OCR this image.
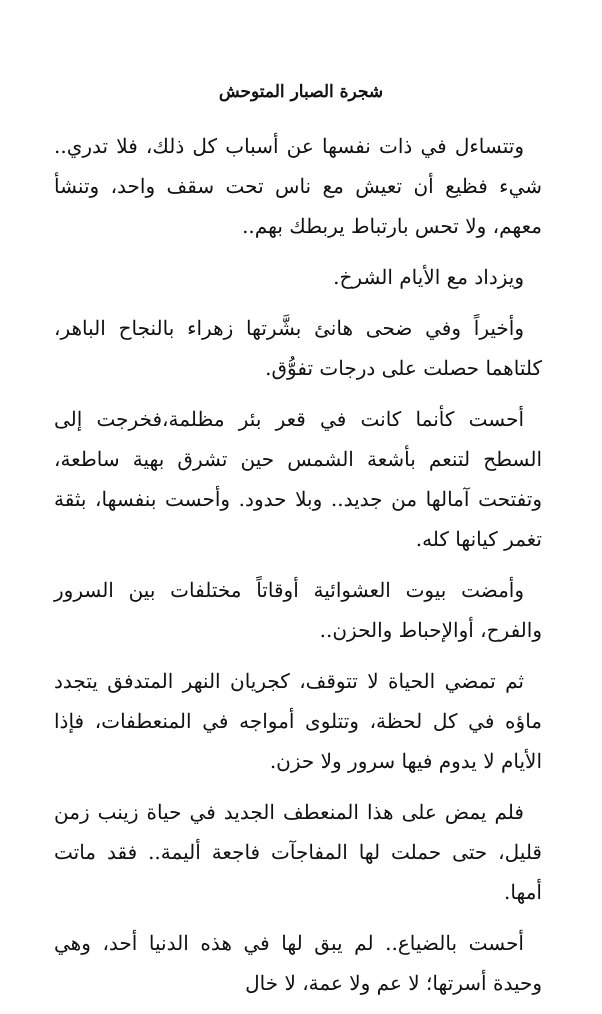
شجرة الصبار المتوحش

وتتساءل في ذات نفسها عن أسباب كل ذلك، فلا تدري.. شيء فظيع أن تعيش مع ناس تحت سقف واحد، وتنشأ معهم، ولا تحس بارتباط يربطك بهم..

ويزداد مع الأيام الشرخ.

وأخيراً وفي ضحى هانئ بشَّرتها زهراء بالنجاح الباهر، كلتاهما حصلت على درجات تفوُّق.

أحست كأنما كانت في قعر بئر مظلمة،فخرجت إلى السطح لتنعم بأشعة الشمس حين تشرق بهية ساطعة، وتفتحت آمالها من جديد.. وبلا حدود. وأحست بنفسها، بثقة تغمر كيانها كله.

وأمضت بيوت العشوائية أوقاتاً مختلفات بين السرور والفرح، أوالإحباط والحزن..

ثم تمضي الحياة لا تتوقف، كجريان النهر المتدفق يتجدد ماؤه في كل لحظة، وتتلوى أمواجه في المنعطفات، فإذا الأيام لا يدوم فيها سرور ولا حزن.

فلم يمض على هذا المنعطف الجديد في حياة زينب زمن قليل، حتى حملت لها المفاجآت فاجعة أليمة.. فقد ماتت أمها.

أحست بالضياع.. لم يبق لها في هذه الدنيا أحد، وهي وحيدة أسرتها؛ لا عم ولا عمة، لا خال
